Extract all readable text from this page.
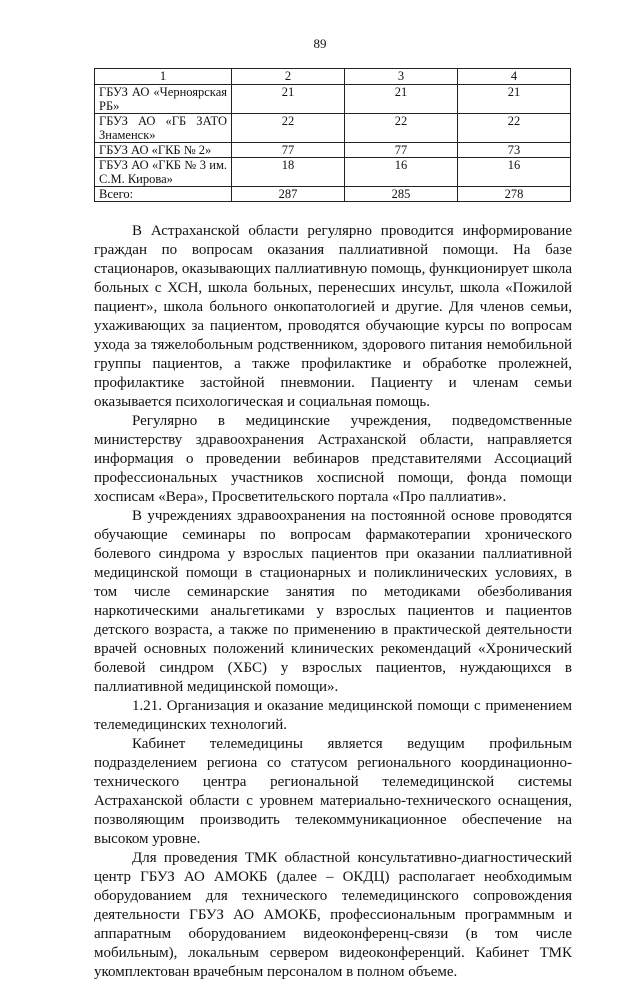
89
1	2	3	4
ГБУЗ АО «Черноярская РБ»	21	21	21
ГБУЗ АО «ГБ ЗАТО Знаменск»	22	22	22
ГБУЗ АО «ГКБ № 2»	77	77	73
ГБУЗ АО «ГКБ № 3 им. С.М. Кирова»	18	16	16
Всего:	287	285	278

В Астраханской области регулярно проводится информирование граждан по вопросам оказания паллиативной помощи. На базе стационаров, оказывающих паллиативную помощь, функционирует школа больных с ХСН, школа больных, перенесших инсульт, школа «Пожилой пациент», школа больного онкопатологией и другие. Для членов семьи, ухаживающих за пациентом, проводятся обучающие курсы по вопросам ухода за тяжелобольным родственником, здорового питания немобильной группы пациентов, а также профилактике и обработке пролежней, профилактике застойной пневмонии. Пациенту и членам семьи оказывается психологическая и социальная помощь.

Регулярно в медицинские учреждения, подведомственные министерству здравоохранения Астраханской области, направляется информация о проведении вебинаров представителями Ассоциаций профессиональных участников хосписной помощи, фонда помощи хосписам «Вера», Просветительского портала «Про паллиатив».

В учреждениях здравоохранения на постоянной основе проводятся обучающие семинары по вопросам фармакотерапии хронического болевого синдрома у взрослых пациентов при оказании паллиативной медицинской помощи в стационарных и поликлинических условиях, в том числе семинарские занятия по методиками обезболивания наркотическими анальгетиками у взрослых пациентов и пациентов детского возраста, а также по применению в практической деятельности врачей основных положений клинических рекомендаций «Хронический болевой синдром (ХБС) у взрослых пациентов, нуждающихся в паллиативной медицинской помощи».

1.21. Организация и оказание медицинской помощи с применением телемедицинских технологий.

Кабинет телемедицины является ведущим профильным подразделением региона со статусом регионального координационно-технического центра региональной телемедицинской системы Астраханской области с уровнем материально-технического оснащения, позволяющим производить телекоммуникационное обеспечение на высоком уровне.

Для проведения ТМК областной консультативно-диагностический центр ГБУЗ АО АМОКБ (далее – ОКДЦ) располагает необходимым оборудованием для технического телемедицинского сопровождения деятельности ГБУЗ АО АМОКБ, профессиональным программным и аппаратным оборудованием видеоконференц-связи (в том числе мобильным), локальным сервером видеоконференций. Кабинет ТМК укомплектован врачебным персоналом в полном объеме.
